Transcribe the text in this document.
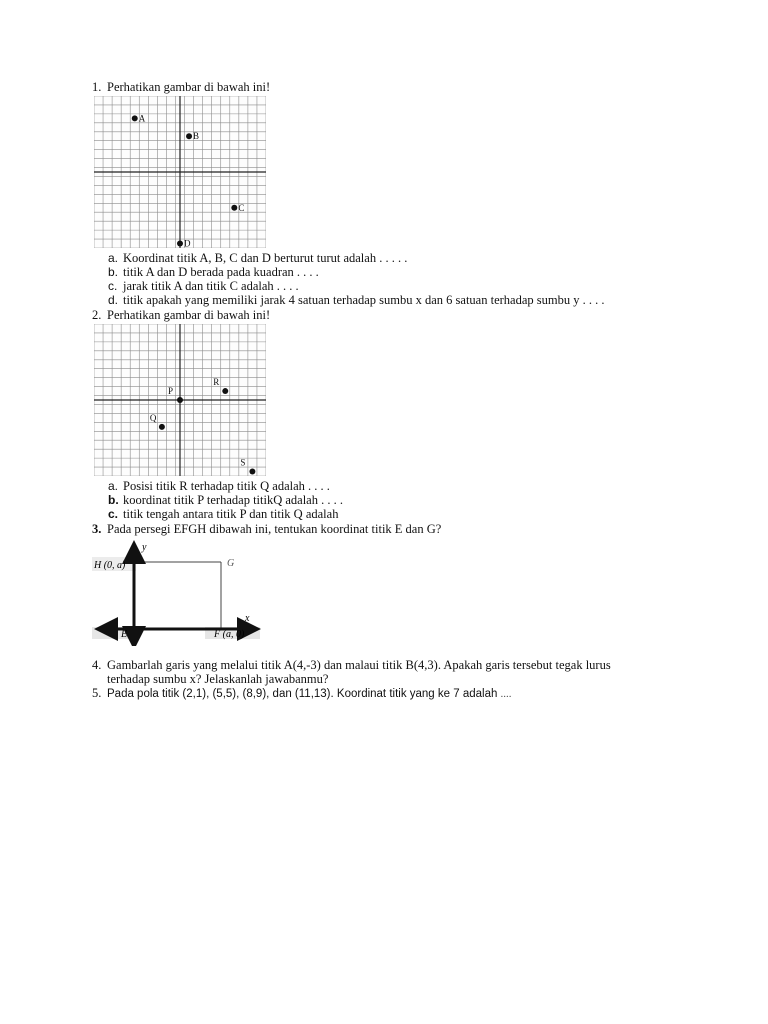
1. Perhatikan gambar di bawah ini!
A
B
C
D
a. Koordinat titik A, B, C dan D berturut turut adalah . . . . .
b. titik A dan D berada pada kuadran . . . .
c. jarak titik A dan titik C adalah . . . .
d. titik apakah yang memiliki jarak 4 satuan terhadap sumbu x dan 6 satuan terhadap sumbu y . . . .
2. Perhatikan gambar di bawah ini!
P
R
Q
S
a. Posisi titik R terhadap titik Q adalah . . . .
b. koordinat titik P terhadap titikQ adalah . . . .
c. titik tengah antara titik P dan titik Q adalah
3. Pada persegi EFGH dibawah ini, tentukan koordinat titik E dan G?
y
x
H (0, a)	G
E	F (a, 0)
4. Gambarlah garis yang melalui titik A(4,-3) dan malaui titik B(4,3). Apakah garis tersebut tegak lurus
terhadap sumbu x? Jelaskanlah jawabanmu?
5. Pada pola titik (2,1), (5,5), (8,9), dan (11,13). Koordinat titik yang ke 7 adalah ....
